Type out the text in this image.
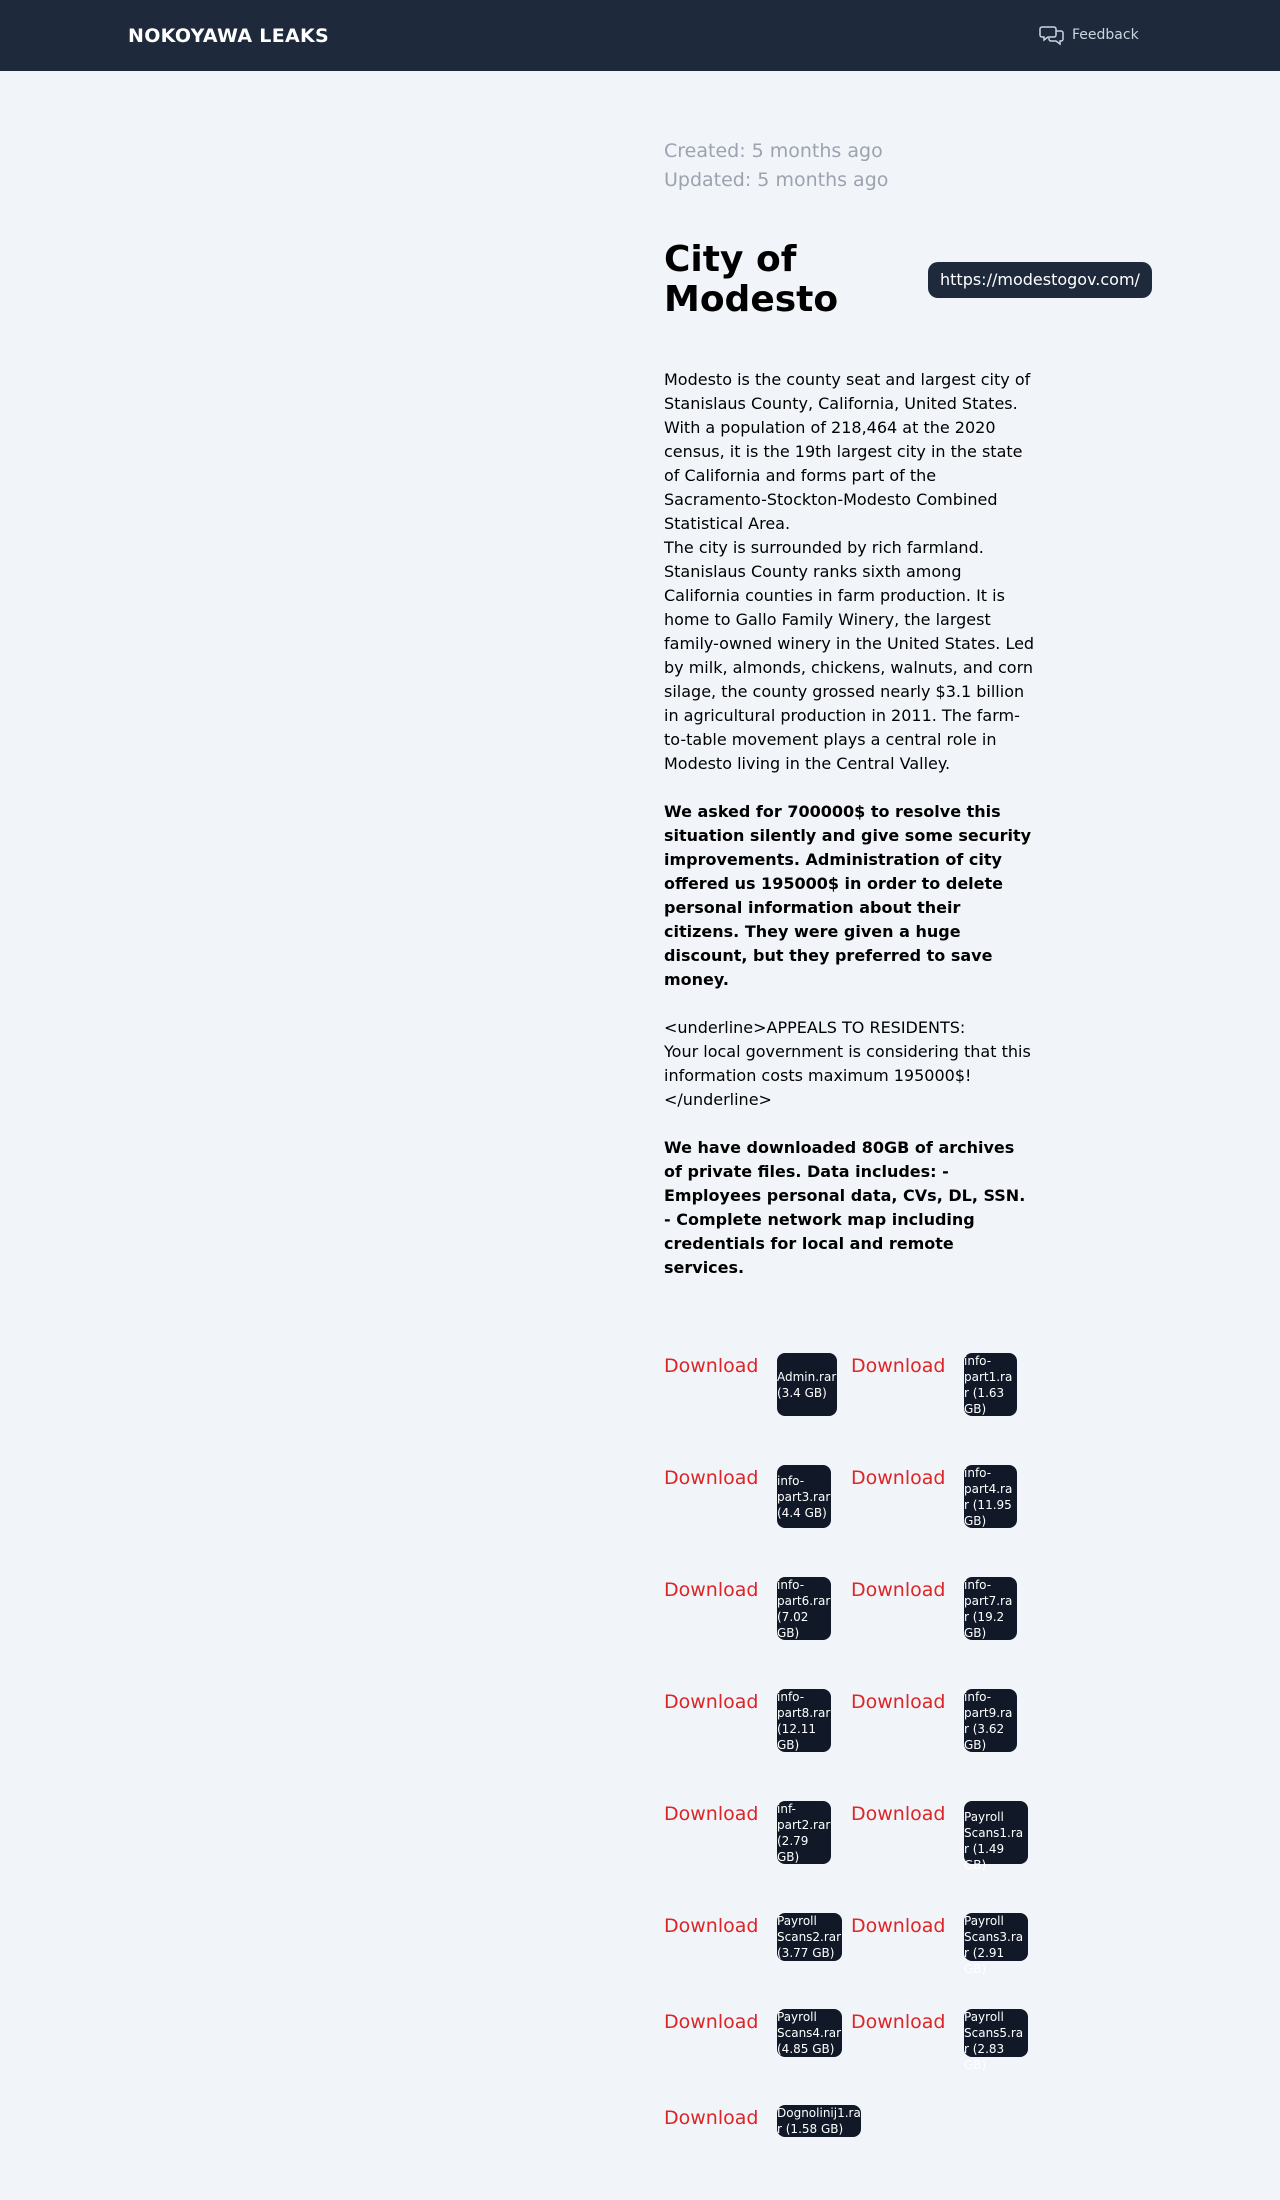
NOKOYAWA LEAKS	Feedback
Created: 5 months ago
Updated: 5 months ago
City of Modesto	https://modestogov.com/

Modesto is the county seat and largest city of Stanislaus County, California, United States. With a population of 218,464 at the 2020 census, it is the 19th largest city in the state of California and forms part of the Sacramento-Stockton-Modesto Combined Statistical Area.

The city is surrounded by rich farmland. Stanislaus County ranks sixth among California counties in farm production. It is home to Gallo Family Winery, the largest family-owned winery in the United States. Led by milk, almonds, chickens, walnuts, and corn silage, the county grossed nearly $3.1 billion in agricultural production in 2011. The farm-to-table movement plays a central role in Modesto living in the Central Valley.

We asked for 700000$ to resolve this situation silently and give some security improvements. Administration of city offered us 195000$ in order to delete personal information about their citizens. They were given a huge discount, but they preferred to save money.

<underline>APPEALS TO RESIDENTS:

Your local government is considering that this information costs maximum 195000$!

</underline>

We have downloaded 80GB of archives of private files. Data includes: - Employees personal data, CVs, DL, SSN. - Complete network map including credentials for local and remote services.

Download Admin.rar (3.4 GB)
Download info-part1.rar (1.63 GB)
Download info-part3.rar (4.4 GB)
Download info-part4.rar (11.95 GB)
Download info-part6.rar (7.02 GB)
Download info-part7.rar (19.2 GB)
Download info-part8.rar (12.11 GB)
Download info-part9.rar (3.62 GB)
Download inf-part2.rar (2.79 GB)
Download Payroll Scans1.rar (1.49 GB)
Download Payroll Scans2.rar (3.77 GB)
Download Payroll Scans3.rar (2.91 GB)
Download Payroll Scans4.rar (4.85 GB)
Download Payroll Scans5.rar (2.83 GB)
Download Dognolinij1.rar (1.58 GB)
